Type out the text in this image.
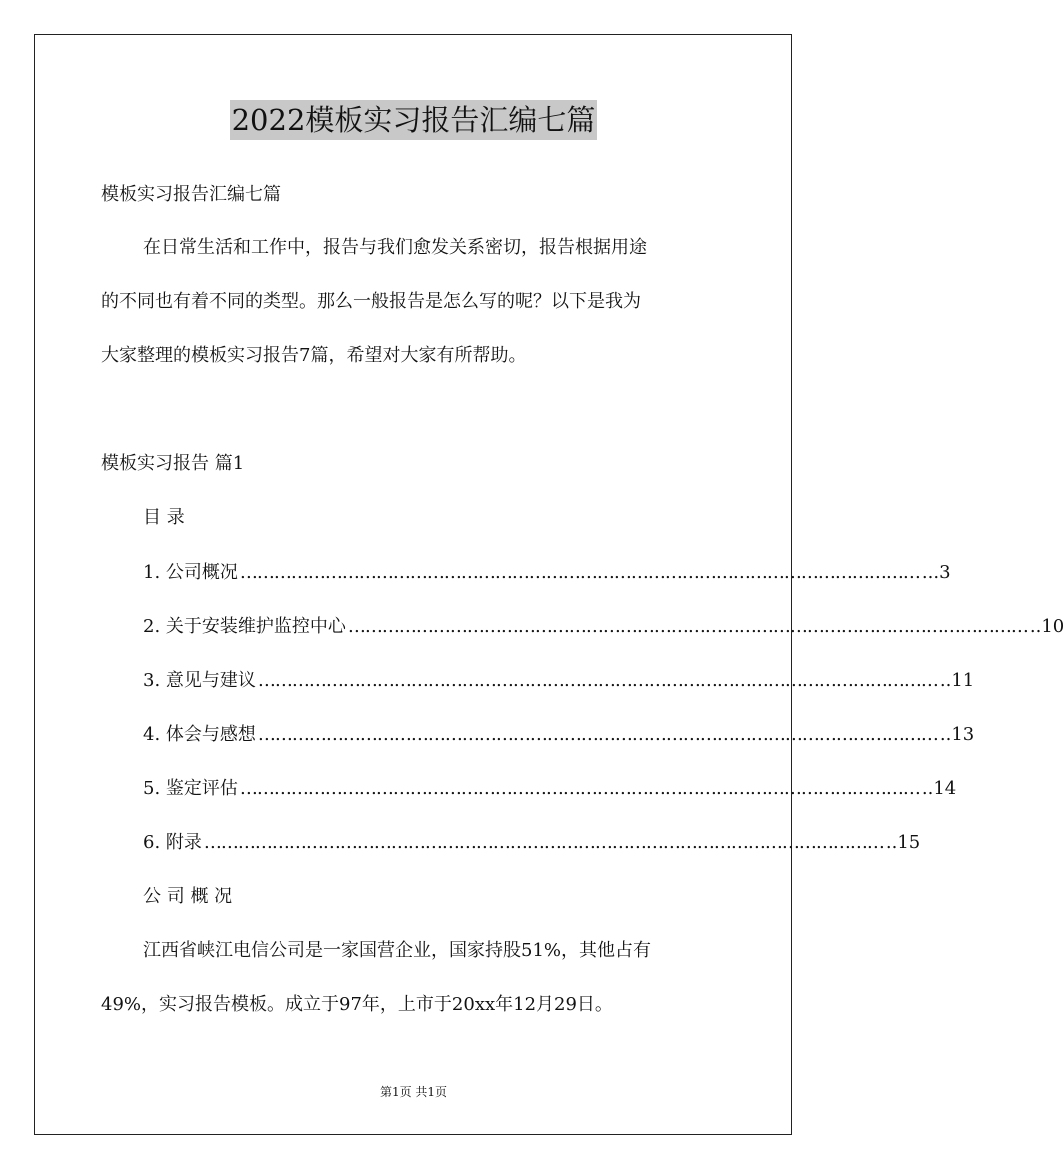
2022模板实习报告汇编七篇
模板实习报告汇编七篇
在日常生活和工作中，报告与我们愈发关系密切，报告根据用途
的不同也有着不同的类型。那么一般报告是怎么写的呢？以下是我为
大家整理的模板实习报告7篇，希望对大家有所帮助。
模板实习报告 篇1
目 录
1. 公司概况 ………………………………………………………………………………………………………… ...3
2. 关于安装维护监控中心 ………………………………………………………………………………………………………… ..10
3. 意见与建议 ………………………………………………………………………………………………………… ..11
4. 体会与感想 ………………………………………………………………………………………………………… ..13
5. 鉴定评估 ………………………………………………………………………………………………………… ..14
6. 附录 ………………………………………………………………………………………………………… ..15
公 司 概 况
江西省峡江电信公司是一家国营企业，国家持股51%，其他占有
49%，实习报告模板。成立于97年，上市于20xx年12月29日。
第1页 共1页
